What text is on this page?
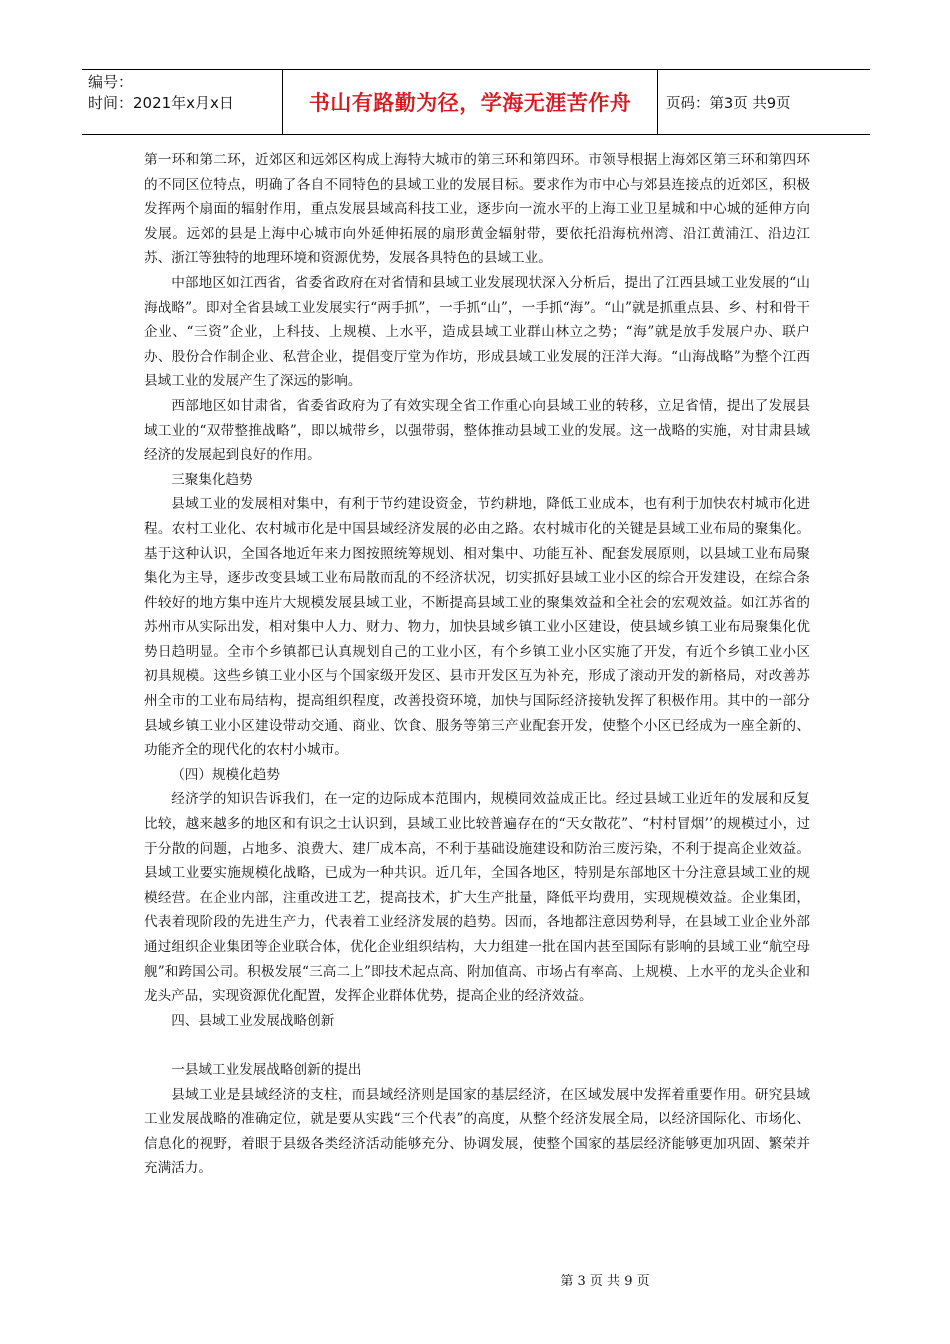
编号：
时间：2021年x月x日	书山有路勤为径，学海无涯苦作舟 页码：第3页 共9页

第一环和第二环，近郊区和远郊区构成上海特大城市的第三环和第四环。市领导根据上海郊区第三环和第四环的不同区位特点，明确了各自不同特色的县域工业的发展目标。要求作为市中心与郊县连接点的近郊区，积极发挥两个扇面的辐射作用，重点发展县域高科技工业，逐步向一流水平的上海工业卫星城和中心城的延伸方向发展。远郊的县是上海中心城市向外延伸拓展的扇形黄金辐射带，要依托沿海杭州湾、沿江黄浦江、沿边江苏、浙江等独特的地理环境和资源优势，发展各具特色的县域工业。

中部地区如江西省，省委省政府在对省情和县域工业发展现状深入分析后，提出了江西县域工业发展的“山海战略”。即对全省县域工业发展实行“两手抓”，一手抓“山”，一手抓“海”。“山”就是抓重点县、乡、村和骨干企业、“三资”企业，上科技、上规模、上水平，造成县域工业群山林立之势；“海”就是放手发展户办、联户办、股份合作制企业、私营企业，提倡变厅堂为作坊，形成县域工业发展的汪洋大海。“山海战略”为整个江西县域工业的发展产生了深远的影响。

西部地区如甘肃省，省委省政府为了有效实现全省工作重心向县域工业的转移，立足省情，提出了发展县域工业的“双带整推战略”，即以城带乡，以强带弱，整体推动县域工业的发展。这一战略的实施，对甘肃县域经济的发展起到良好的作用。

三聚集化趋势

县域工业的发展相对集中，有利于节约建设资金，节约耕地，降低工业成本，也有利于加快农村城市化进程。农村工业化、农村城市化是中国县域经济发展的必由之路。农村城市化的关键是县域工业布局的聚集化。基于这种认识，全国各地近年来力图按照统筹规划、相对集中、功能互补、配套发展原则，以县域工业布局聚集化为主导，逐步改变县域工业布局散而乱的不经济状况，切实抓好县域工业小区的综合开发建设，在综合条件较好的地方集中连片大规模发展县域工业，不断提高县域工业的聚集效益和全社会的宏观效益。如江苏省的苏州市从实际出发，相对集中人力、财力、物力，加快县域乡镇工业小区建设，使县域乡镇工业布局聚集化优势日趋明显。全市个乡镇都已认真规划自己的工业小区，有个乡镇工业小区实施了开发，有近个乡镇工业小区初具规模。这些乡镇工业小区与个国家级开发区、县市开发区互为补充，形成了滚动开发的新格局，对改善苏州全市的工业布局结构，提高组织程度，改善投资环境，加快与国际经济接轨发挥了积极作用。其中的一部分县域乡镇工业小区建设带动交通、商业、饮食、服务等第三产业配套开发，使整个小区已经成为一座全新的、功能齐全的现代化的农村小城市。

（四）规模化趋势

经济学的知识告诉我们，在一定的边际成本范围内，规模同效益成正比。经过县域工业近年的发展和反复比较，越来越多的地区和有识之士认识到，县域工业比较普遍存在的“天女散花”、“村村冒烟’’的规模过小，过于分散的问题，占地多、浪费大、建厂成本高，不利于基础设施建设和防治三废污染，不利于提高企业效益。县域工业要实施规模化战略，已成为一种共识。近几年，全国各地区，特别是东部地区十分注意县域工业的规模经营。在企业内部，注重改进工艺，提高技术，扩大生产批量，降低平均费用，实现规模效益。企业集团，代表着现阶段的先进生产力，代表着工业经济发展的趋势。因而，各地都注意因势利导，在县域工业企业外部通过组织企业集团等企业联合体，优化企业组织结构，大力组建一批在国内甚至国际有影响的县域工业“航空母舰”和跨国公司。积极发展“三高二上”即技术起点高、附加值高、市场占有率高、上规模、上水平的龙头企业和龙头产品，实现资源优化配置，发挥企业群体优势，提高企业的经济效益。

四、县域工业发展战略创新

一县域工业发展战略创新的提出

县域工业是县域经济的支柱，而县域经济则是国家的基层经济，在区域发展中发挥着重要作用。研究县域工业发展战略的准确定位，就是要从实践“三个代表”的高度，从整个经济发展全局，以经济国际化、市场化、信息化的视野，着眼于县级各类经济活动能够充分、协调发展，使整个国家的基层经济能够更加巩固、繁荣并充满活力。

第 3 页 共 9 页
